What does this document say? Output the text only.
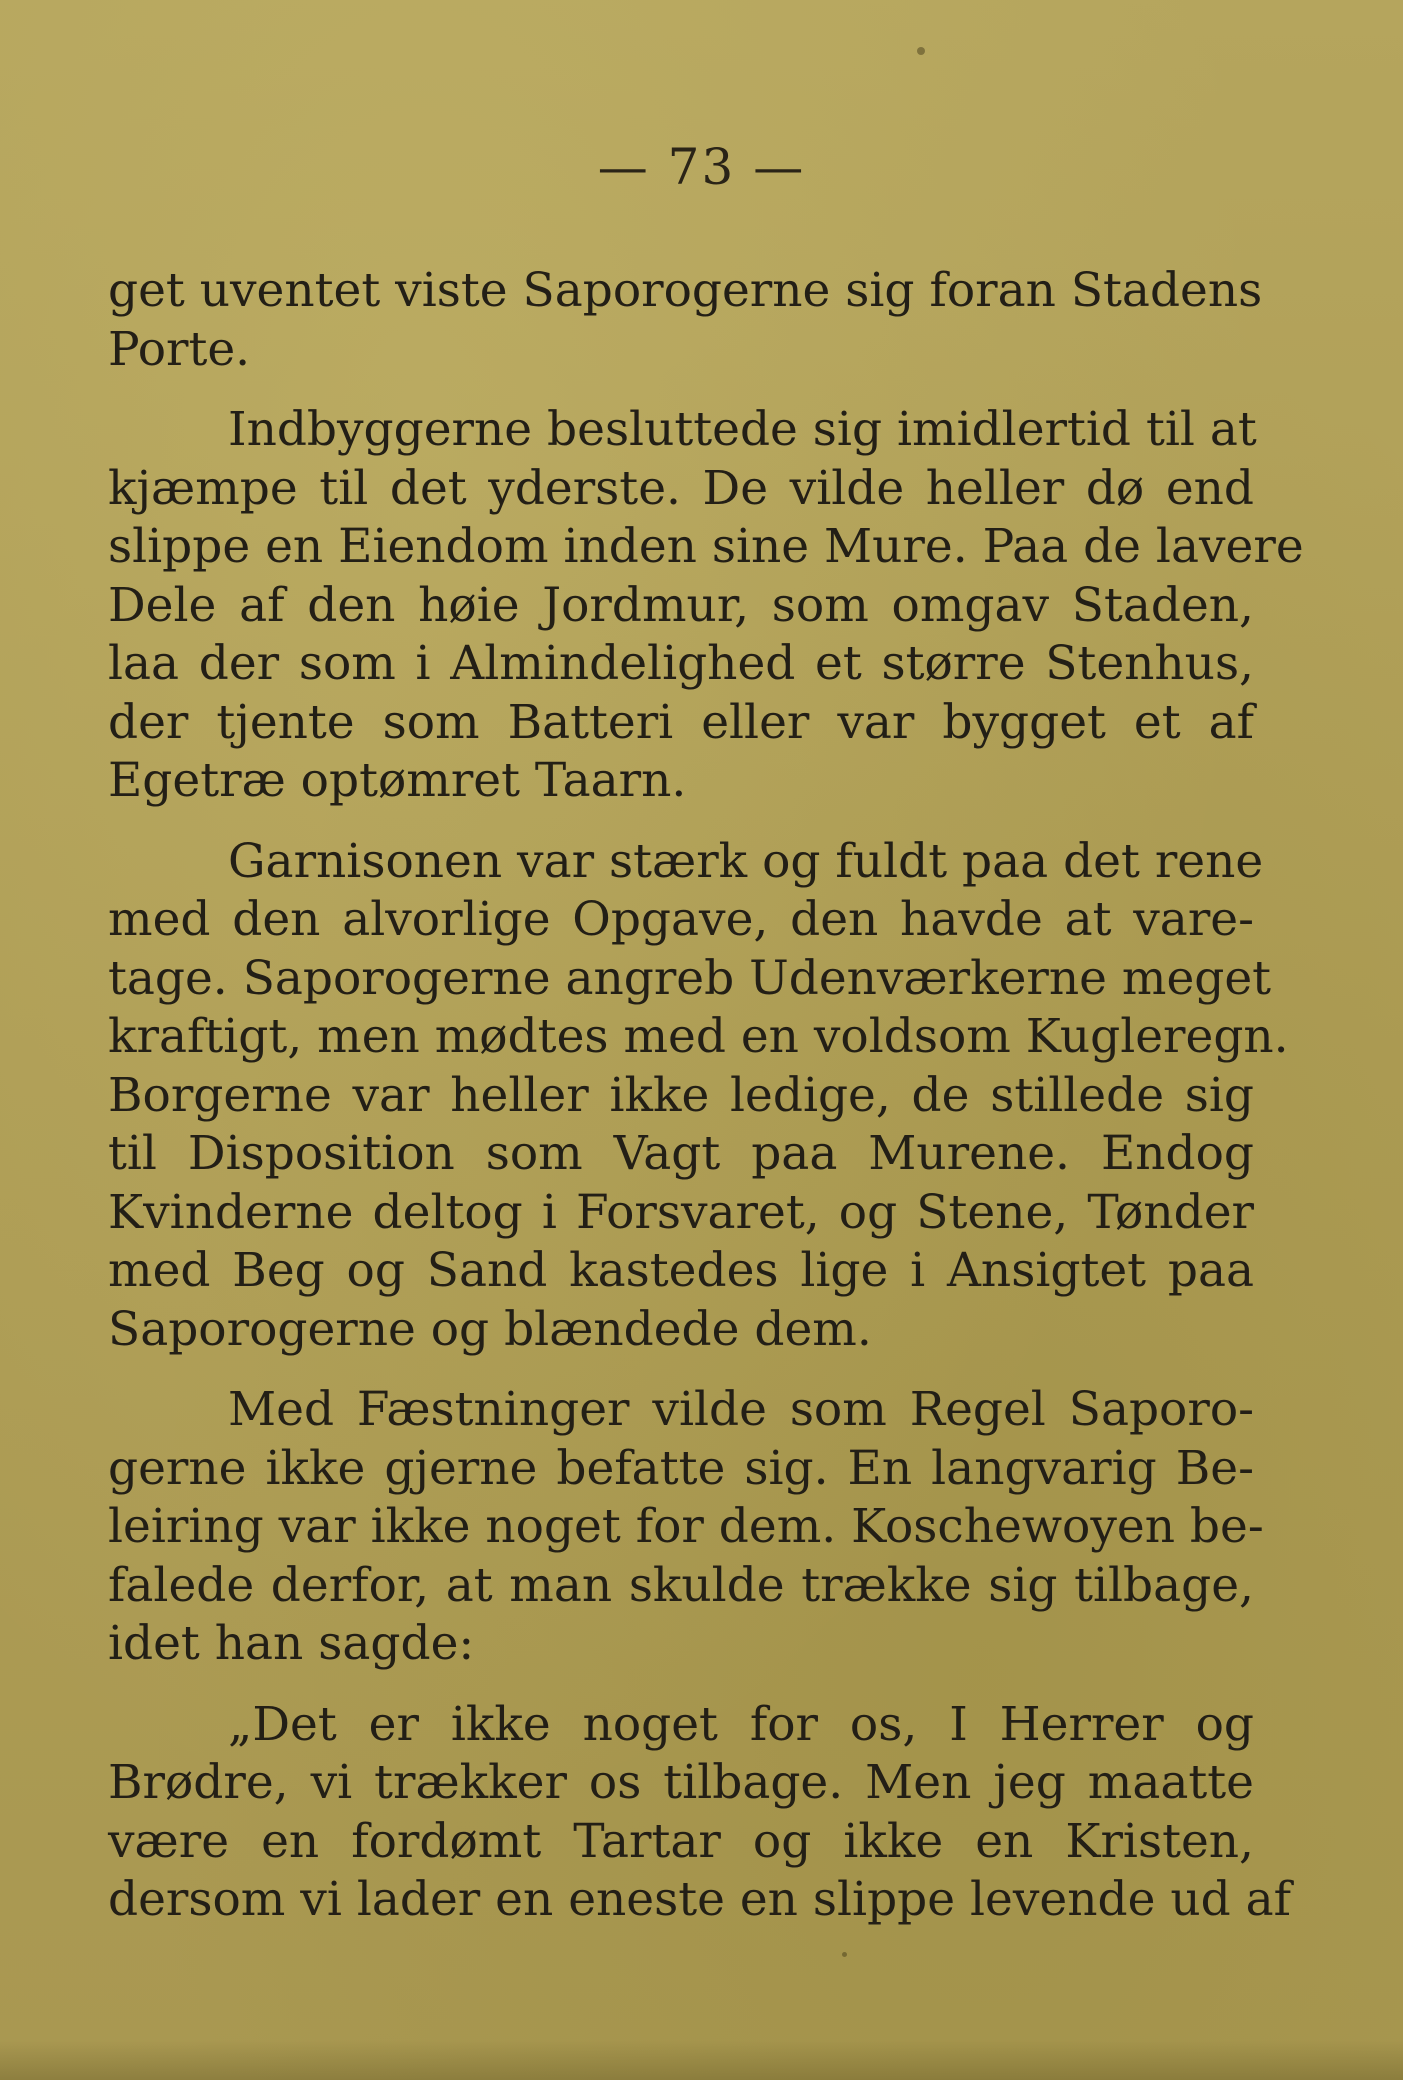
— 73 —
get uventet viste Saporogerne sig foran Stadens
Porte.
Indbyggerne besluttede sig imidlertid til at
kjæmpe til det yderste. De vilde heller dø end
slippe en Eiendom inden sine Mure. Paa de lavere
Dele af den høie Jordmur, som omgav Staden,
laa der som i Almindelighed et større Stenhus,
der tjente som Batteri eller var bygget et af
Egetræ optømret Taarn.
Garnisonen var stærk og fuldt paa det rene
med den alvorlige Opgave, den havde at vare-
tage. Saporogerne angreb Udenværkerne meget
kraftigt, men mødtes med en voldsom Kugleregn.
Borgerne var heller ikke ledige, de stillede sig
til Disposition som Vagt paa Murene. Endog
Kvinderne deltog i Forsvaret, og Stene, Tønder
med Beg og Sand kastedes lige i Ansigtet paa
Saporogerne og blændede dem.
Med Fæstninger vilde som Regel Saporo-
gerne ikke gjerne befatte sig. En langvarig Be-
leiring var ikke noget for dem. Koschewoyen be-
falede derfor, at man skulde trække sig tilbage,
idet han sagde:
„Det er ikke noget for os, I Herrer og
Brødre, vi trækker os tilbage. Men jeg maatte
være en fordømt Tartar og ikke en Kristen,
dersom vi lader en eneste en slippe levende ud af
